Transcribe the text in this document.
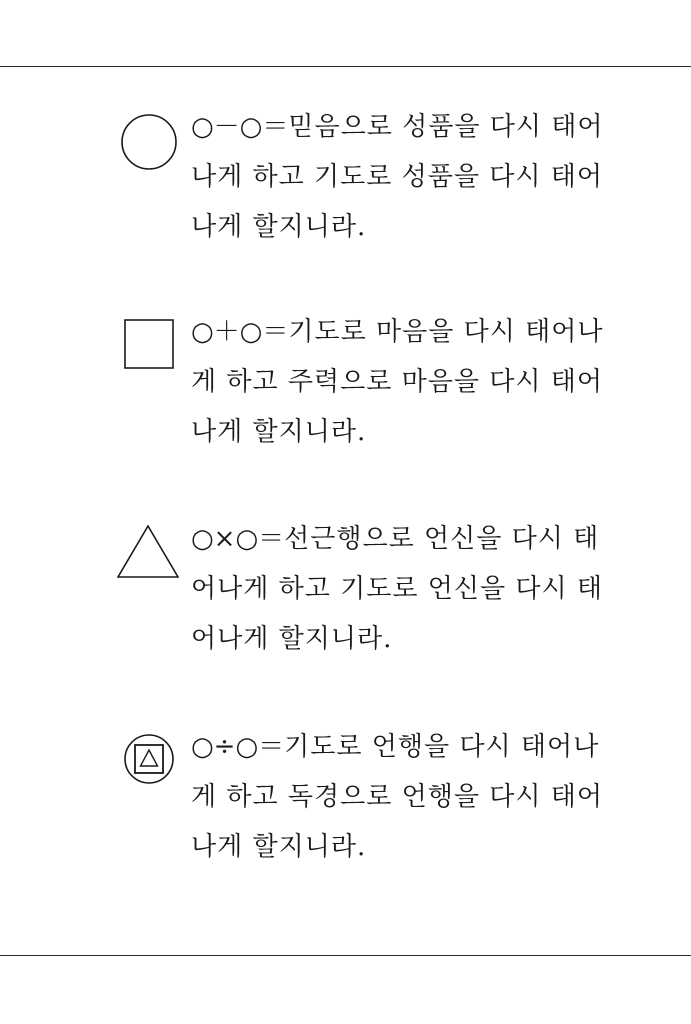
○－○＝믿음으로 성품을 다시 태어
나게 하고 기도로 성품을 다시 태어
나게 할지니라.
○＋○＝기도로 마음을 다시 태어나
게 하고 주력으로 마음을 다시 태어
나게 할지니라.
○×○＝선근행으로 언신을 다시 태
어나게 하고 기도로 언신을 다시 태
어나게 할지니라.
○÷○＝기도로 언행을 다시 태어나
게 하고 독경으로 언행을 다시 태어
나게 할지니라.
